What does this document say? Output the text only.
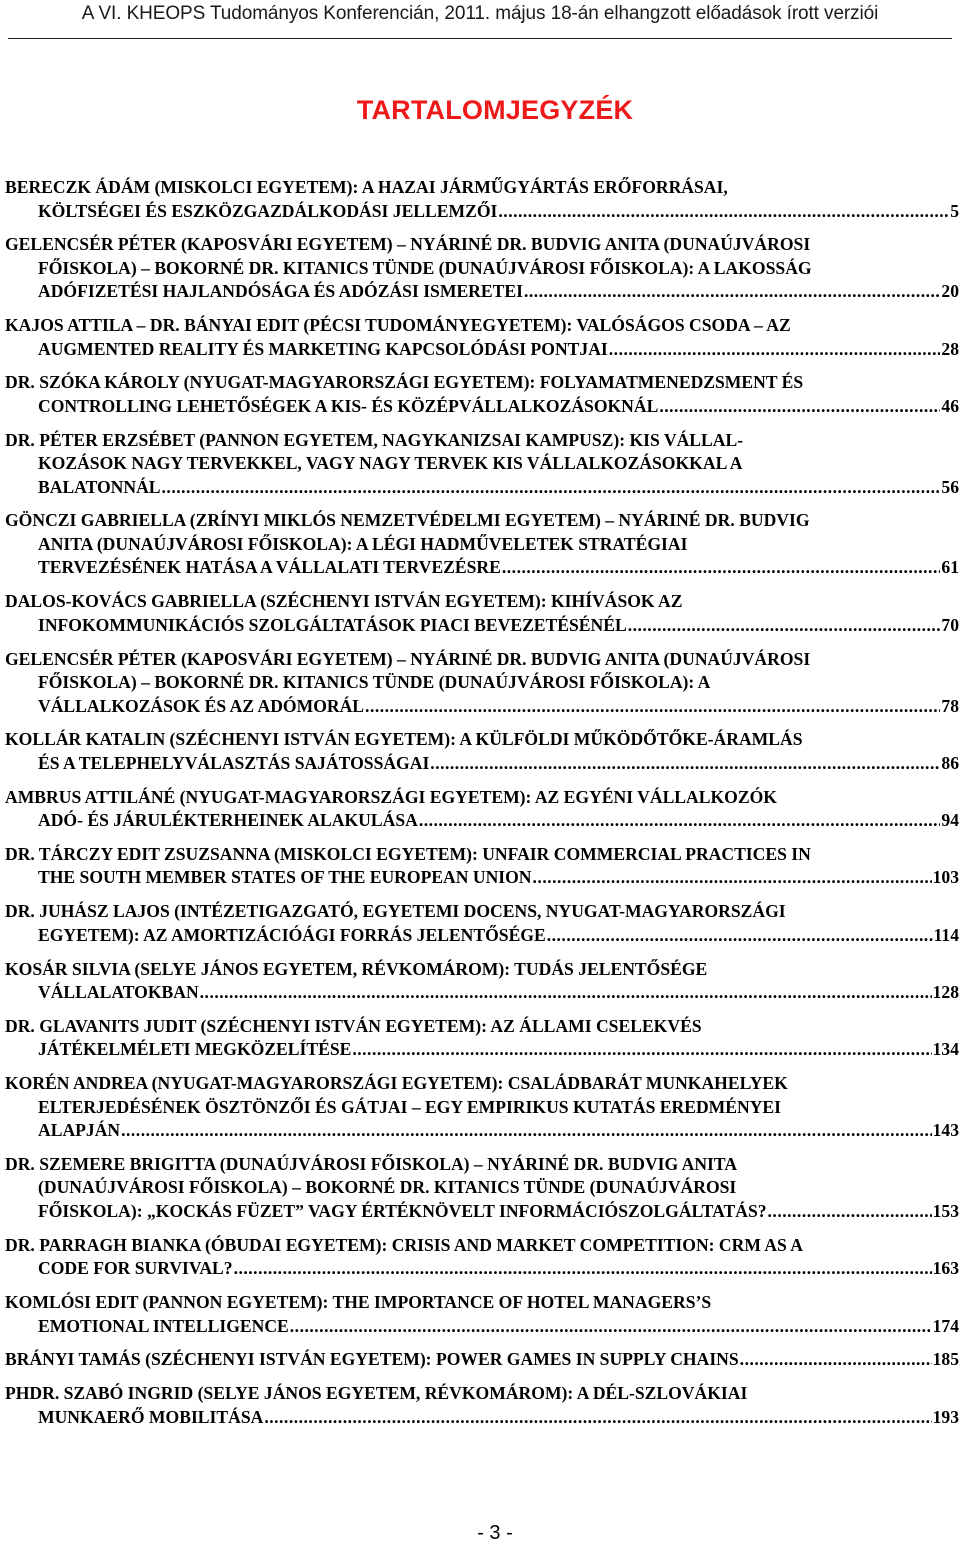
A VI. KHEOPS Tudományos Konferencián, 2011. május 18-án elhangzott előadások írott verziói
TARTALOMJEGYZÉK
BERECZK ÁDÁM (MISKOLCI EGYETEM): A HAZAI JÁRMŰGYÁRTÁS ERŐFORRÁSAI,
KÖLTSÉGEI ÉS ESZKÖZGAZDÁLKODÁSI JELLEMZŐI .....	5
GELENCSÉR PÉTER (KAPOSVÁRI EGYETEM) – NYÁRINÉ DR. BUDVIG ANITA (DUNAÚJVÁROSI
FŐISKOLA) – BOKORNÉ DR. KITANICS TÜNDE (DUNAÚJVÁROSI FŐISKOLA): A LAKOSSÁG
ADÓFIZETÉSI HAJLANDÓSÁGA ÉS ADÓZÁSI ISMERETEI .....	20
KAJOS ATTILA – DR. BÁNYAI EDIT (PÉCSI TUDOMÁNYEGYETEM): VALÓSÁGOS CSODA – AZ
AUGMENTED REALITY ÉS MARKETING KAPCSOLÓDÁSI PONTJAI .....	28
DR. SZÓKA KÁROLY (NYUGAT-MAGYARORSZÁGI EGYETEM): FOLYAMATMENEDZSMENT ÉS
CONTROLLING LEHETŐSÉGEK A KIS- ÉS KÖZÉPVÁLLALKOZÁSOKNÁL .....	46
DR. PÉTER ERZSÉBET (PANNON EGYETEM, NAGYKANIZSAI KAMPUSZ): KIS VÁLLAL-
KOZÁSOK NAGY TERVEKKEL, VAGY NAGY TERVEK KIS VÁLLALKOZÁSOKKAL A
BALATONNÁL .....	56
GÖNCZI GABRIELLA (ZRÍNYI MIKLÓS NEMZETVÉDELMI EGYETEM) – NYÁRINÉ DR. BUDVIG
ANITA (DUNAÚJVÁROSI FŐISKOLA): A LÉGI HADMŰVELETEK STRATÉGIAI
TERVEZÉSÉNEK HATÁSA A VÁLLALATI TERVEZÉSRE .....	61
DALOS-KOVÁCS GABRIELLA (SZÉCHENYI ISTVÁN EGYETEM): KIHÍVÁSOK AZ
INFOKOMMUNIKÁCIÓS SZOLGÁLTATÁSOK PIACI BEVEZETÉSÉNÉL .....	70
GELENCSÉR PÉTER (KAPOSVÁRI EGYETEM) – NYÁRINÉ DR. BUDVIG ANITA (DUNAÚJVÁROSI
FŐISKOLA) – BOKORNÉ DR. KITANICS TÜNDE (DUNAÚJVÁROSI FŐISKOLA): A
VÁLLALKOZÁSOK ÉS AZ ADÓMORÁL .....	78
KOLLÁR KATALIN (SZÉCHENYI ISTVÁN EGYETEM): A KÜLFÖLDI MŰKÖDŐTŐKE-ÁRAMLÁS
ÉS A TELEPHELYVÁLASZTÁS SAJÁTOSSÁGAI .....	86
AMBRUS ATTILÁNÉ (NYUGAT-MAGYARORSZÁGI EGYETEM): AZ EGYÉNI VÁLLALKOZÓK
ADÓ- ÉS JÁRULÉKTERHEINEK ALAKULÁSA .....	94
DR. TÁRCZY EDIT ZSUZSANNA (MISKOLCI EGYETEM): UNFAIR COMMERCIAL PRACTICES IN
THE SOUTH MEMBER STATES OF THE EUROPEAN UNION .....	103
DR. JUHÁSZ LAJOS (INTÉZETIGAZGATÓ, EGYETEMI DOCENS, NYUGAT-MAGYARORSZÁGI
EGYETEM): AZ AMORTIZÁCIÓÁGI FORRÁS JELENTŐSÉGE .....	114
KOSÁR SILVIA (SELYE JÁNOS EGYETEM, RÉVKOMÁROM): TUDÁS JELENTŐSÉGE
VÁLLALATOKBAN .....	128
DR. GLAVANITS JUDIT (SZÉCHENYI ISTVÁN EGYETEM): AZ ÁLLAMI CSELEKVÉS
JÁTÉKELMÉLETI MEGKÖZELÍTÉSE .....	134
KORÉN ANDREA (NYUGAT-MAGYARORSZÁGI EGYETEM): CSALÁDBARÁT MUNKAHELYEK
ELTERJEDÉSÉNEK ÖSZTÖNZŐI ÉS GÁTJAI – EGY EMPIRIKUS KUTATÁS EREDMÉNYEI
ALAPJÁN .....	143
DR. SZEMERE BRIGITTA (DUNAÚJVÁROSI FŐISKOLA) – NYÁRINÉ DR. BUDVIG ANITA
(DUNAÚJVÁROSI FŐISKOLA) – BOKORNÉ DR. KITANICS TÜNDE (DUNAÚJVÁROSI
FŐISKOLA): „KOCKÁS FÜZET” VAGY ÉRTÉKNÖVELT INFORMÁCIÓSZOLGÁLTATÁS? .....	153
DR. PARRAGH BIANKA (ÓBUDAI EGYETEM): CRISIS AND MARKET COMPETITION: CRM AS A
CODE FOR SURVIVAL? .....	163
KOMLÓSI EDIT (PANNON EGYETEM): THE IMPORTANCE OF HOTEL MANAGERS’S
EMOTIONAL INTELLIGENCE .....	174
BRÁNYI TAMÁS (SZÉCHENYI ISTVÁN EGYETEM): POWER GAMES IN SUPPLY CHAINS .....	185
PHDR. SZABÓ INGRID (SELYE JÁNOS EGYETEM, RÉVKOMÁROM): A DÉL-SZLOVÁKIAI
MUNKAERŐ MOBILITÁSA .....	193
- 3 -
